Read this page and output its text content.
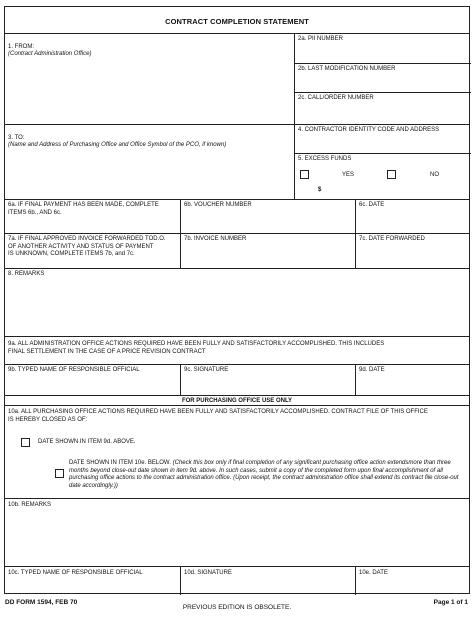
CONTRACT COMPLETION STATEMENT

1. FROM:
(Contract Administration Office)

2a. PII NUMBER
2b. LAST MODIFICATION NUMBER
2c. CALL/ORDER NUMBER

3. TO:
(Name and Address of Purchasing Office and Office Symbol of the PCO, if known)

4. CONTRACTOR IDENTITY CODE AND ADDRESS
5. EXCESS FUNDS
YES	NO
$
6a. IF FINAL PAYMENT HAS BEEN MADE, COMPLETE
ITEMS 6b., AND 6c.
6b. VOUCHER NUMBER	6c. DATE
7a. IF FINAL APPROVED INVOICE FORWARDED TOD.O.
OF ANOTHER ACTIVITY AND STATUS OF PAYMENT
IS UNKNOWN, COMPLETE ITEMS 7b, and 7c.
7b. INVOICE NUMBER	7c. DATE FORWARDED
8. REMARKS
9a. ALL ADMINISTRATION OFFICE ACTIONS REQUIRED HAVE BEEN FULLY AND SATISFACTORILY ACCOMPLISHED. THIS INCLUDES
FINAL SETTLEMENT IN THE CASE OF A PRICE REVISION CONTRACT
9b. TYPED NAME OF RESPONSIBLE OFFICIAL	9c. SIGNATURE	9d. DATE
FOR PURCHASING OFFICE USE ONLY
10a. ALL PURCHASING OFFICE ACTIONS REQUIRED HAVE BEEN FULLY AND SATISFACTORILY ACCOMPLISHED. CONTRACT FILE OF THIS OFFICE
IS HEREBY CLOSED AS OF:
DATE SHOWN IN ITEM 9d. ABOVE.
DATE SHOWN IN ITEM 10e. BELOW. (Check this box only if final completion of any significant purchasing office action extendsmore than three months beyond close-out date shown in item 9d. above. In such cases, submit a copy of the completed form upon final accomplishment of all purchasing office actions to the contract administration office. (Upon receipt, the contract administration office shall extend its contract file close-out date accordingly.))
10b. REMARKS
10c. TYPED NAME OF RESPONSIBLE OFFICIAL	10d. SIGNATURE	10e. DATE
DD FORM 1594, FEB 70
PREVIOUS EDITION IS OBSOLETE.
Page 1 of 1
